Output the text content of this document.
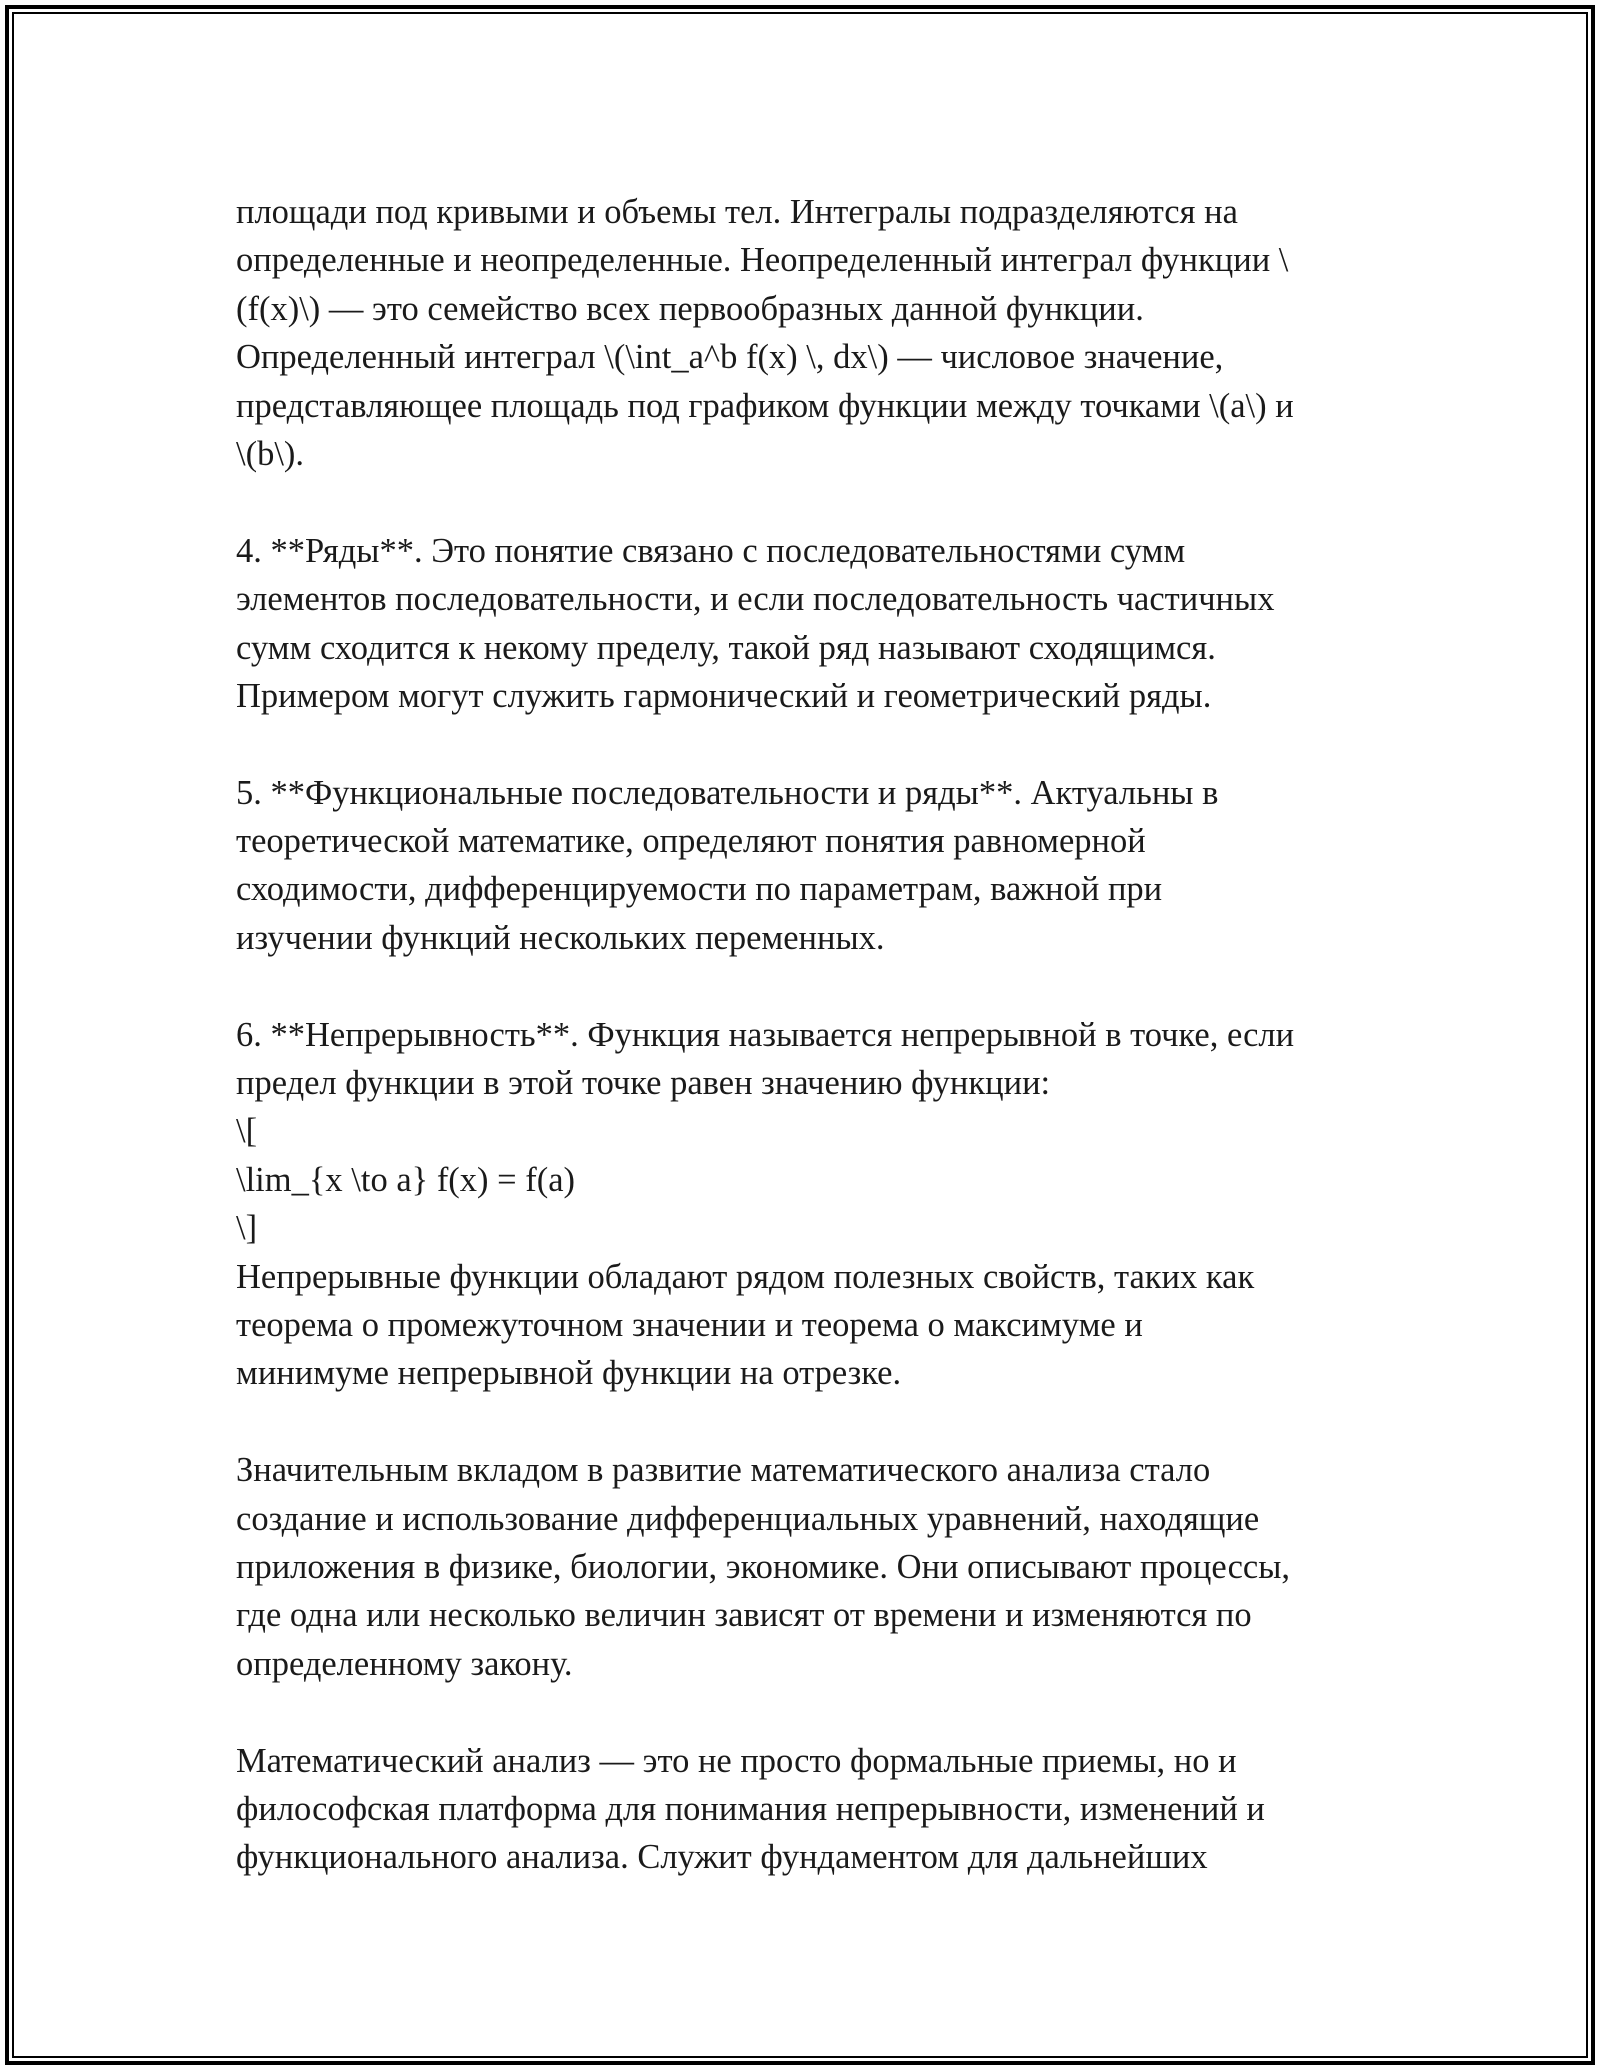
площади под кривыми и объемы тел. Интегралы подразделяются на
определенные и неопределенные. Неопределенный интеграл функции \
(f(x)\) — это семейство всех первообразных данной функции.
Определенный интеграл \(\int_a^b f(x) \, dx\) — числовое значение,
представляющее площадь под графиком функции между точками \(a\) и
\(b\).
4. **Ряды**. Это понятие связано с последовательностями сумм
элементов последовательности, и если последовательность частичных
сумм сходится к некому пределу, такой ряд называют сходящимся.
Примером могут служить гармонический и геометрический ряды.
5. **Функциональные последовательности и ряды**. Актуальны в
теоретической математике, определяют понятия равномерной
сходимости, дифференцируемости по параметрам, важной при
изучении функций нескольких переменных.
6. **Непрерывность**. Функция называется непрерывной в точке, если
предел функции в этой точке равен значению функции:
\[
\lim_{x \to a} f(x) = f(a)
\]
Непрерывные функции обладают рядом полезных свойств, таких как
теорема о промежуточном значении и теорема о максимуме и
минимуме непрерывной функции на отрезке.
Значительным вкладом в развитие математического анализа стало
создание и использование дифференциальных уравнений, находящие
приложения в физике, биологии, экономике. Они описывают процессы,
где одна или несколько величин зависят от времени и изменяются по
определенному закону.
Математический анализ — это не просто формальные приемы, но и
философская платформа для понимания непрерывности, изменений и
функционального анализа. Служит фундаментом для дальнейших
